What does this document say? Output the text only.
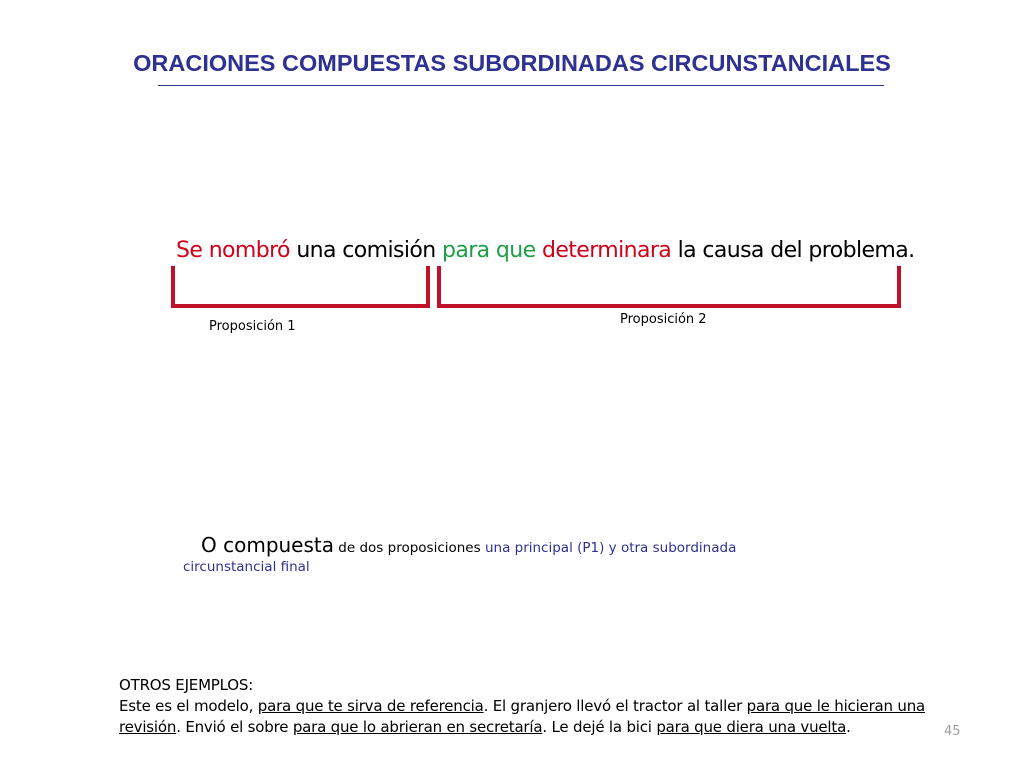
ORACIONES COMPUESTAS SUBORDINADAS CIRCUNSTANCIALES
Se nombró una comisión para que determinara la causa del problema.
Proposición 1	Proposición 2
O compuesta de dos proposiciones una principal (P1) y otra subordinada
circunstancial final
OTROS EJEMPLOS:
Este es el modelo, para que te sirva de referencia. El granjero llevó el tractor al taller para que le hicieran una revisión. Envió el sobre para que lo abrieran en secretaría. Le dejé la bici para que diera una vuelta.	45
